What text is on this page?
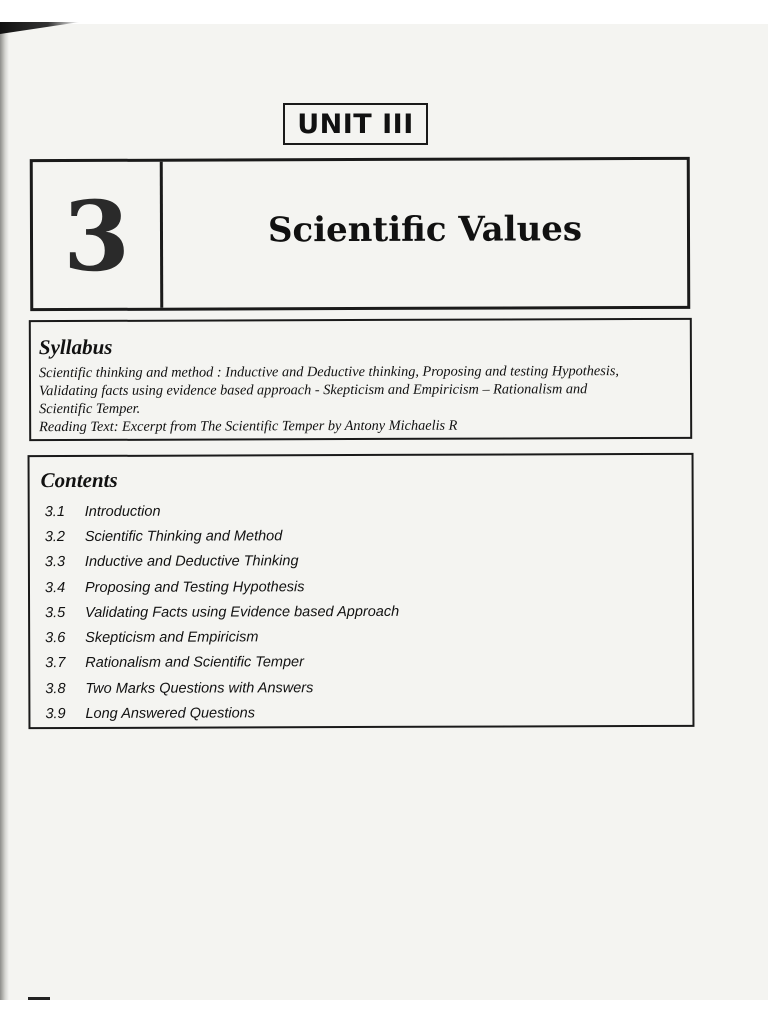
UNIT III
3	Scientific Values
Syllabus
Scientific thinking and method : Inductive and Deductive thinking, Proposing and testing Hypothesis,
Validating facts using evidence based approach - Skepticism and Empiricism – Rationalism and
Scientific Temper.
Reading Text: Excerpt from The Scientific Temper by Antony Michaelis R
Contents
3.1	Introduction
3.2	Scientific Thinking and Method
3.3	Inductive and Deductive Thinking
3.4	Proposing and Testing Hypothesis
3.5	Validating Facts using Evidence based Approach
3.6	Skepticism and Empiricism
3.7	Rationalism and Scientific Temper
3.8	Two Marks Questions with Answers
3.9	Long Answered Questions
